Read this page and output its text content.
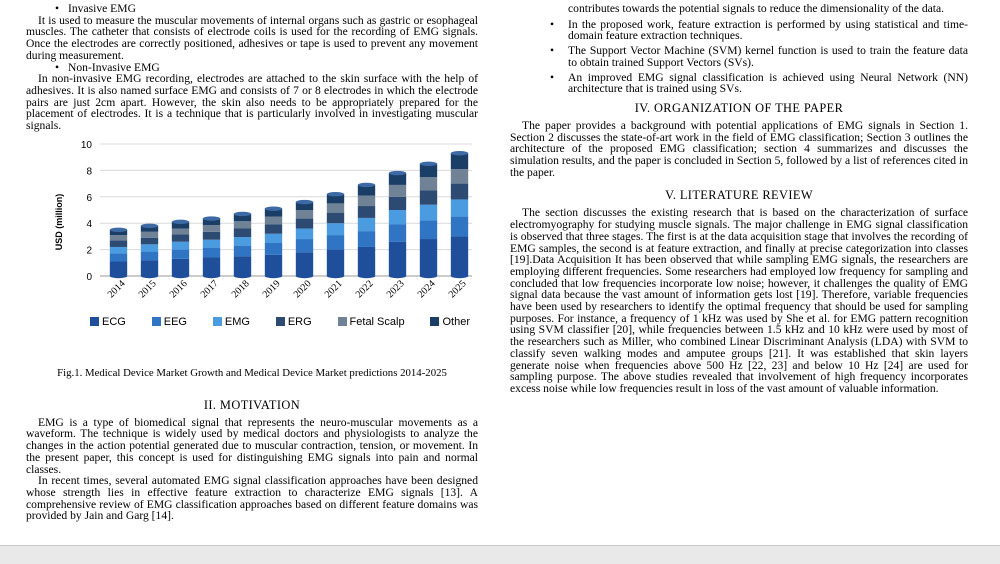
• Invasive EMG

It is used to measure the muscular movements of internal organs such as gastric or esophageal muscles. The catheter that consists of electrode coils is used for the recording of EMG signals. Once the electrodes are correctly positioned, adhesives or tape is used to prevent any movement during measurement.

• Non-Invasive EMG

In non-invasive EMG recording, electrodes are attached to the skin surface with the help of adhesives. It is also named surface EMG and consists of 7 or 8 electrodes in which the electrode pairs are just 2cm apart. However, the skin also needs to be appropriately prepared for the placement of electrodes. It is a technique that is particularly involved in investigating muscular signals.

USD (million)
0
2
4
6
8
10
2014 2015 2016 2017 2018 2019 2020 2021 2022 2023 2024 2025
ECG	EEG	EMG	ERG	Fetal Scalp	Other

Fig.1. Medical Device Market Growth and Medical Device Market predictions 2014-2025

II. MOTIVATION

EMG is a type of biomedical signal that represents the neuro-muscular movements as a waveform. The technique is widely used by medical doctors and physiologists to analyze the changes in the action potential generated due to muscular contraction, tension, or movement. In the present paper, this concept is used for distinguishing EMG signals into pain and normal classes.

In recent times, several automated EMG signal classification approaches have been designed whose strength lies in effective feature extraction to characterize EMG signals [13]. A comprehensive review of EMG classification approaches based on different feature domains was provided by Jain and Garg [14].

contributes towards the potential signals to reduce the dimensionality of the data.

• In the proposed work, feature extraction is performed by using statistical and time-domain feature extraction techniques.

• The Support Vector Machine (SVM) kernel function is used to train the feature data to obtain trained Support Vectors (SVs).

• An improved EMG signal classification is achieved using Neural Network (NN) architecture that is trained using SVs.

IV. ORGANIZATION OF THE PAPER

The paper provides a background with potential applications of EMG signals in Section 1. Section 2 discusses the state-of-art work in the field of EMG classification; Section 3 outlines the architecture of the proposed EMG classification; section 4 summarizes and discusses the simulation results, and the paper is concluded in Section 5, followed by a list of references cited in the paper.

V. LITERATURE REVIEW

The section discusses the existing research that is based on the characterization of surface electromyography for studying muscle signals. The major challenge in EMG signal classification is observed that three stages. The first is at the data acquisition stage that involves the recording of EMG samples, the second is at feature extraction, and finally at precise categorization into classes [19].Data Acquisition It has been observed that while sampling EMG signals, the researchers are employing different frequencies. Some researchers had employed low frequency for sampling and concluded that low frequencies incorporate low noise; however, it challenges the quality of EMG signal data because the vast amount of information gets lost [19]. Therefore, variable frequencies have been used by researchers to identify the optimal frequency that should be used for sampling purposes. For instance, a frequency of 1 kHz was used by She et al. for EMG pattern recognition using SVM classifier [20], while frequencies between 1.5 kHz and 10 kHz were used by most of the researchers such as Miller, who combined Linear Discriminant Analysis (LDA) with SVM to classify seven walking modes and amputee groups [21]. It was established that skin layers generate noise when frequencies above 500 Hz [22, 23] and below 10 Hz [24] are used for sampling purpose. The above studies revealed that involvement of high frequency incorporates excess noise while low frequencies result in loss of the vast amount of valuable information.
